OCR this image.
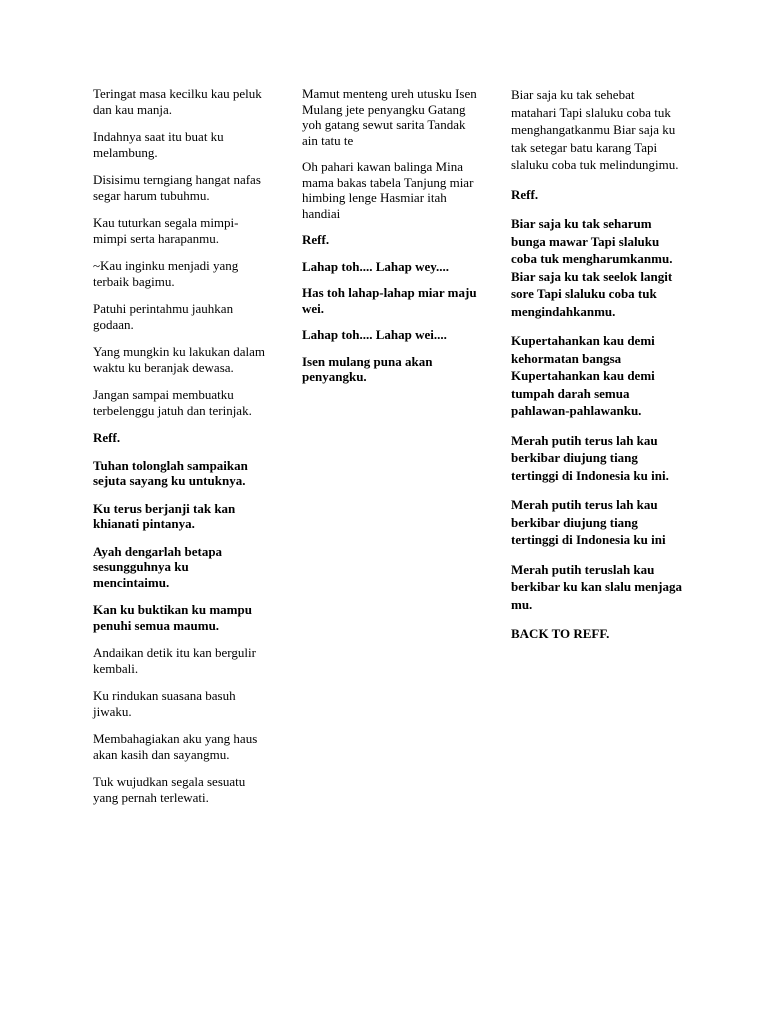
Teringat masa kecilku kau peluk dan kau manja.

Indahnya saat itu buat ku melambung.

Disisimu terngiang hangat nafas segar harum tubuhmu.

Kau tuturkan segala mimpi-mimpi serta harapanmu.

~Kau inginku menjadi yang terbaik bagimu.

Patuhi perintahmu jauhkan godaan.

Yang mungkin ku lakukan dalam waktu ku beranjak dewasa.

Jangan sampai membuatku terbelenggu jatuh dan terinjak.

Reff.

Tuhan tolonglah sampaikan sejuta sayang ku untuknya.

Ku terus berjanji tak kan khianati pintanya.

Ayah dengarlah betapa sesungguhnya ku mencintaimu.

Kan ku buktikan ku mampu penuhi semua maumu.

Andaikan detik itu kan bergulir kembali.

Ku rindukan suasana basuh jiwaku.

Membahagiakan aku yang haus akan kasih dan sayangmu.

Tuk wujudkan segala sesuatu yang pernah terlewati.

Mamut menteng ureh utusku Isen Mulang jete penyangku Gatang yoh gatang sewut sarita Tandak ain tatu te

Oh pahari kawan balinga Mina mama bakas tabela Tanjung miar himbing lenge Hasmiar itah handiai

Reff.

Lahap toh.... Lahap wey....

Has toh lahap-lahap miar maju wei.

Lahap toh.... Lahap wei....

Isen mulang puna akan penyangku.

Biar saja ku tak sehebat matahari Tapi slaluku coba tuk menghangatkanmu Biar saja ku tak setegar batu karang Tapi slaluku coba tuk melindungimu.

Reff.

Biar saja ku tak seharum bunga mawar Tapi slaluku coba tuk mengharumkanmu. Biar saja ku tak seelok langit sore Tapi slaluku coba tuk mengindahkanmu.

Kupertahankan kau demi kehormatan bangsa Kupertahankan kau demi tumpah darah semua pahlawan-pahlawanku.

Merah putih terus lah kau berkibar diujung tiang tertinggi di Indonesia ku ini.

Merah putih terus lah kau berkibar diujung tiang tertinggi di Indonesia ku ini

Merah putih teruslah kau berkibar ku kan slalu menjaga mu.

BACK TO REFF.
